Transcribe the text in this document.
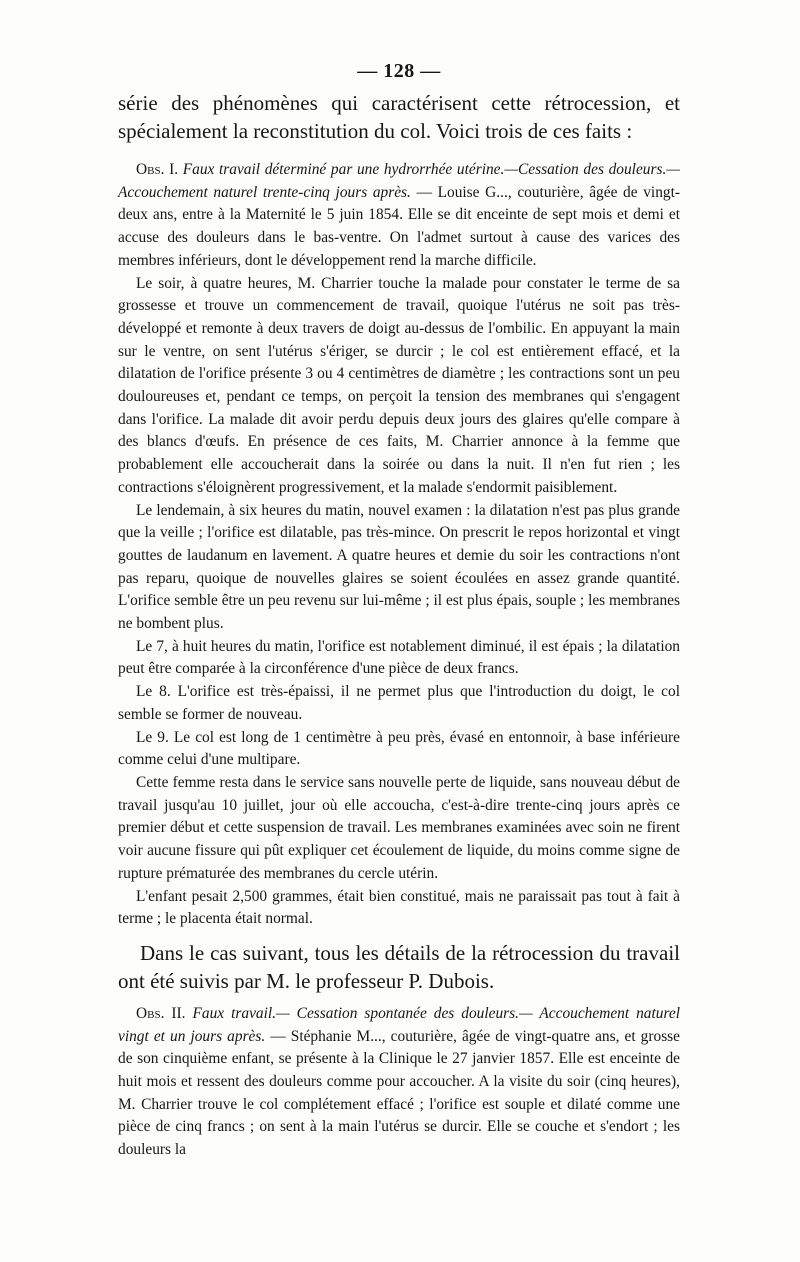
— 128 —

série des phénomènes qui caractérisent cette rétrocession, et spécialement la reconstitution du col. Voici trois de ces faits :

Obs. I. Faux travail déterminé par une hydrorrhée utérine.—Cessation des douleurs.—Accouchement naturel trente-cinq jours après. — Louise G..., couturière, âgée de vingt-deux ans, entre à la Maternité le 5 juin 1854. Elle se dit enceinte de sept mois et demi et accuse des douleurs dans le bas-ventre. On l'admet surtout à cause des varices des membres inférieurs, dont le développement rend la marche difficile.

Le soir, à quatre heures, M. Charrier touche la malade pour constater le terme de sa grossesse et trouve un commencement de travail, quoique l'utérus ne soit pas très-développé et remonte à deux travers de doigt au-dessus de l'ombilic. En appuyant la main sur le ventre, on sent l'utérus s'ériger, se durcir ; le col est entièrement effacé, et la dilatation de l'orifice présente 3 ou 4 centimètres de diamètre ; les contractions sont un peu douloureuses et, pendant ce temps, on perçoit la tension des membranes qui s'engagent dans l'orifice. La malade dit avoir perdu depuis deux jours des glaires qu'elle compare à des blancs d'œufs. En présence de ces faits, M. Charrier annonce à la femme que probablement elle accoucherait dans la soirée ou dans la nuit. Il n'en fut rien ; les contractions s'éloignèrent progressivement, et la malade s'endormit paisiblement.

Le lendemain, à six heures du matin, nouvel examen : la dilatation n'est pas plus grande que la veille ; l'orifice est dilatable, pas très-mince. On prescrit le repos horizontal et vingt gouttes de laudanum en lavement. A quatre heures et demie du soir les contractions n'ont pas reparu, quoique de nouvelles glaires se soient écoulées en assez grande quantité. L'orifice semble être un peu revenu sur lui-même ; il est plus épais, souple ; les membranes ne bombent plus.

Le 7, à huit heures du matin, l'orifice est notablement diminué, il est épais ; la dilatation peut être comparée à la circonférence d'une pièce de deux francs.

Le 8. L'orifice est très-épaissi, il ne permet plus que l'introduction du doigt, le col semble se former de nouveau.

Le 9. Le col est long de 1 centimètre à peu près, évasé en entonnoir, à base inférieure comme celui d'une multipare.

Cette femme resta dans le service sans nouvelle perte de liquide, sans nouveau début de travail jusqu'au 10 juillet, jour où elle accoucha, c'est-à-dire trente-cinq jours après ce premier début et cette suspension de travail. Les membranes examinées avec soin ne firent voir aucune fissure qui pût expliquer cet écoulement de liquide, du moins comme signe de rupture prématurée des membranes du cercle utérin.

L'enfant pesait 2,500 grammes, était bien constitué, mais ne paraissait pas tout à fait à terme ; le placenta était normal.

Dans le cas suivant, tous les détails de la rétrocession du travail ont été suivis par M. le professeur P. Dubois.

Obs. II. Faux travail.— Cessation spontanée des douleurs.— Accouchement naturel vingt et un jours après. — Stéphanie M..., couturière, âgée de vingt-quatre ans, et grosse de son cinquième enfant, se présente à la Clinique le 27 janvier 1857. Elle est enceinte de huit mois et ressent des douleurs comme pour accoucher. A la visite du soir (cinq heures), M. Charrier trouve le col complétement effacé ; l'orifice est souple et dilaté comme une pièce de cinq francs ; on sent à la main l'utérus se durcir. Elle se couche et s'endort ; les douleurs la
